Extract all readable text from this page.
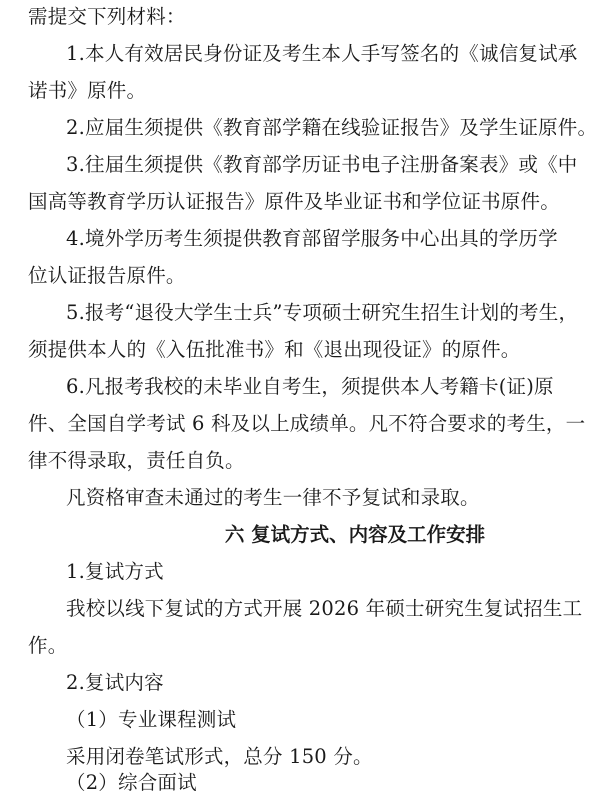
需提交下列材料：
1.本人有效居民身份证及考生本人手写签名的《诚信复试承
诺书》原件。
2.应届生须提供《教育部学籍在线验证报告》及学生证原件。
3.往届生须提供《教育部学历证书电子注册备案表》或《中
国高等教育学历认证报告》原件及毕业证书和学位证书原件。
4.境外学历考生须提供教育部留学服务中心出具的学历学
位认证报告原件。
5.报考“退役大学生士兵”专项硕士研究生招生计划的考生，
须提供本人的《入伍批准书》和《退出现役证》的原件。
6.凡报考我校的未毕业自考生，须提供本人考籍卡(证)原
件、全国自学考试 6 科及以上成绩单。凡不符合要求的考生，一
律不得录取，责任自负。
凡资格审查未通过的考生一律不予复试和录取。
六 复试方式、内容及工作安排
1.复试方式
我校以线下复试的方式开展 2026 年硕士研究生复试招生工
作。
2.复试内容
（1）专业课程测试
采用闭卷笔试形式，总分 150 分。
（2）综合面试
